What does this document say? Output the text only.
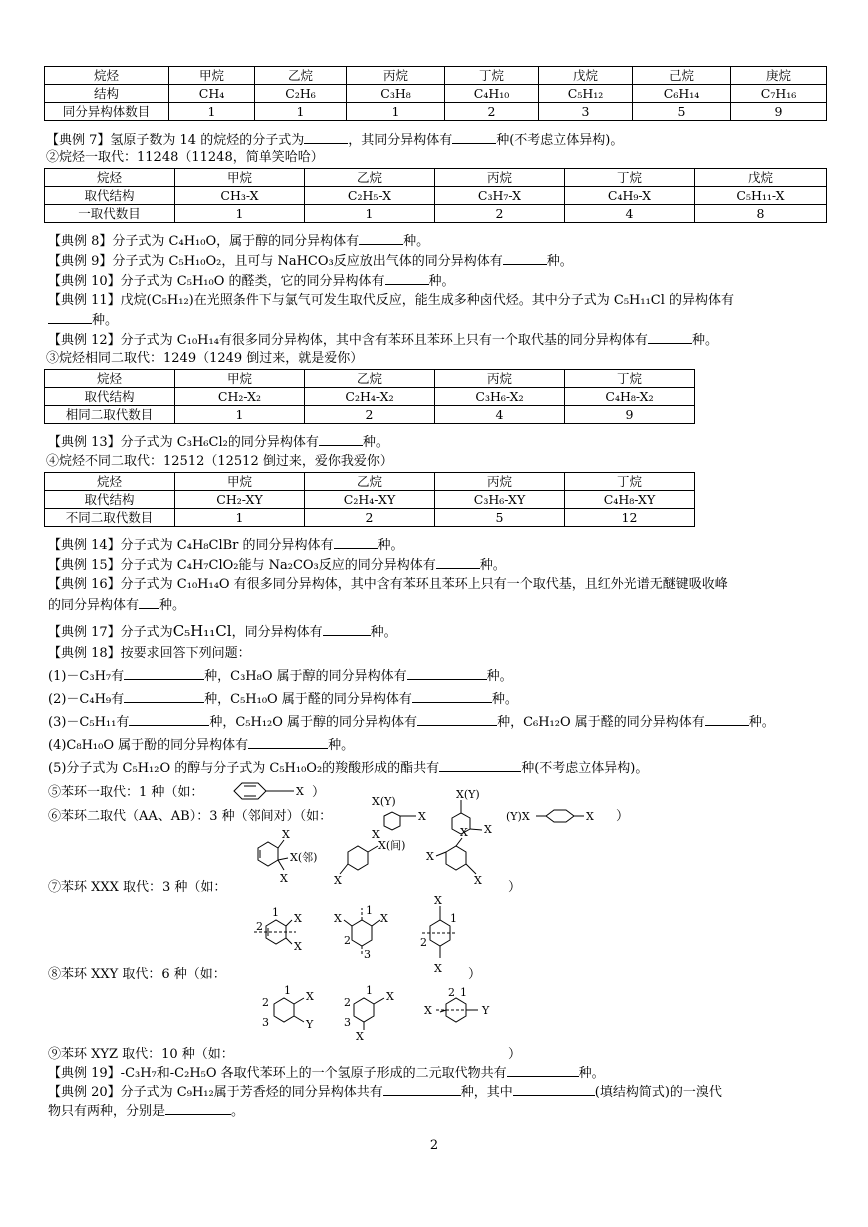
烷烃	甲烷	乙烷	丙烷	丁烷	戊烷	己烷	庚烷
结构	CH₄	C₂H₆	C₃H₈	C₄H₁₀	C₅H₁₂	C₆H₁₄	C₇H₁₆
同分异构体数目	1	1	1	2	3	5	9
【典例 7】氢原子数为 14 的烷烃的分子式为	，其同分异构体有	种(不考虑立体异构)。
②烷烃一取代：11248（11248，简单笑哈哈）
烷烃	甲烷	乙烷	丙烷	丁烷	戊烷
取代结构	CH₃-X	C₂H₅-X	C₃H₇-X	C₄H₉-X	C₅H₁₁-X
一取代数目	1	1	2	4	8
【典例 8】分子式为 C₄H₁₀O，属于醇的同分异构体有	种。
【典例 9】分子式为 C₅H₁₀O₂，且可与 NaHCO₃反应放出气体的同分异构体有	种。
【典例 10】分子式为 C₅H₁₀O 的醛类，它的同分异构体有	种。
【典例 11】戊烷(C₅H₁₂)在光照条件下与氯气可发生取代反应，能生成多种卤代烃。其中分子式为 C₅H₁₁Cl 的异构体有
种。
【典例 12】分子式为 C₁₀H₁₄有很多同分异构体，其中含有苯环且苯环上只有一个取代基的同分异构体有	种。
③烷烃相同二取代：1249（1249 倒过来，就是爱你）
烷烃	甲烷	乙烷	丙烷	丁烷
取代结构	CH₂-X₂	C₂H₄-X₂	C₃H₆-X₂	C₄H₈-X₂
相同二取代数目	1	2	4	9
【典例 13】分子式为 C₃H₆Cl₂的同分异构体有	种。
④烷烃不同二取代：12512（12512 倒过来，爱你我爱你）
烷烃	甲烷	乙烷	丙烷	丁烷
取代结构	CH₂-XY	C₂H₄-XY	C₃H₆-XY	C₄H₈-XY
不同二取代数目	1	2	5	12
【典例 14】分子式为 C₄H₈ClBr 的同分异构体有	种。
【典例 15】分子式为 C₄H₇ClO₂能与 Na₂CO₃反应的同分异构体有	种。
【典例 16】分子式为 C₁₀H₁₄O 有很多同分异构体，其中含有苯环且苯环上只有一个取代基，且红外光谱无醚键吸收峰
的同分异构体有 种。
【典例 17】分子式为C₅H₁₁Cl，同分异构体有	种。
【典例 18】按要求回答下列问题：
(1)－C₃H₇有	种，C₃H₈O 属于醇的同分异构体有	种。
(2)－C₄H₉有	种，C₅H₁₀O 属于醛的同分异构体有	种。
(3)－C₅H₁₁有	种，C₅H₁₂O 属于醇的同分异构体有	种，C₆H₁₂O 属于醛的同分异构体有	种。
(4)C₈H₁₀O 属于酚的同分异构体有	种。
(5)分子式为 C₅H₁₂O 的醇与分子式为 C₅H₁₀O₂的羧酸形成的酯共有	种(不考虑立体异构)。
⑤苯环一取代：1 种（如：	）
⑥苯环二取代（AA、AB）：3 种（邻间对）（如：	）
⑦苯环 XXX 取代：3 种（如：	）
⑧苯环 XXY 取代：6 种（如：	）
⑨苯环 XYZ 取代：10 种（如：	）
【典例 19】-C₃H₇和-C₂H₅O 各取代苯环上的一个氢原子形成的二元取代物共有	种。
【典例 20】分子式为 C₉H₁₂属于芳香烃的同分异构体共有	种，其中	(填结构简式)的一溴代
物只有两种，分别是	。
X
X(Y)
X
X(Y)
X
(Y)X	X
X
X(邻)
X
X
X(间)
X
X
X
X
2
1 X
X
X
1
X
2
3
X
1
2
X
2
1 X
3	Y
2
1 X
3
X
2 1
X	Y
2
